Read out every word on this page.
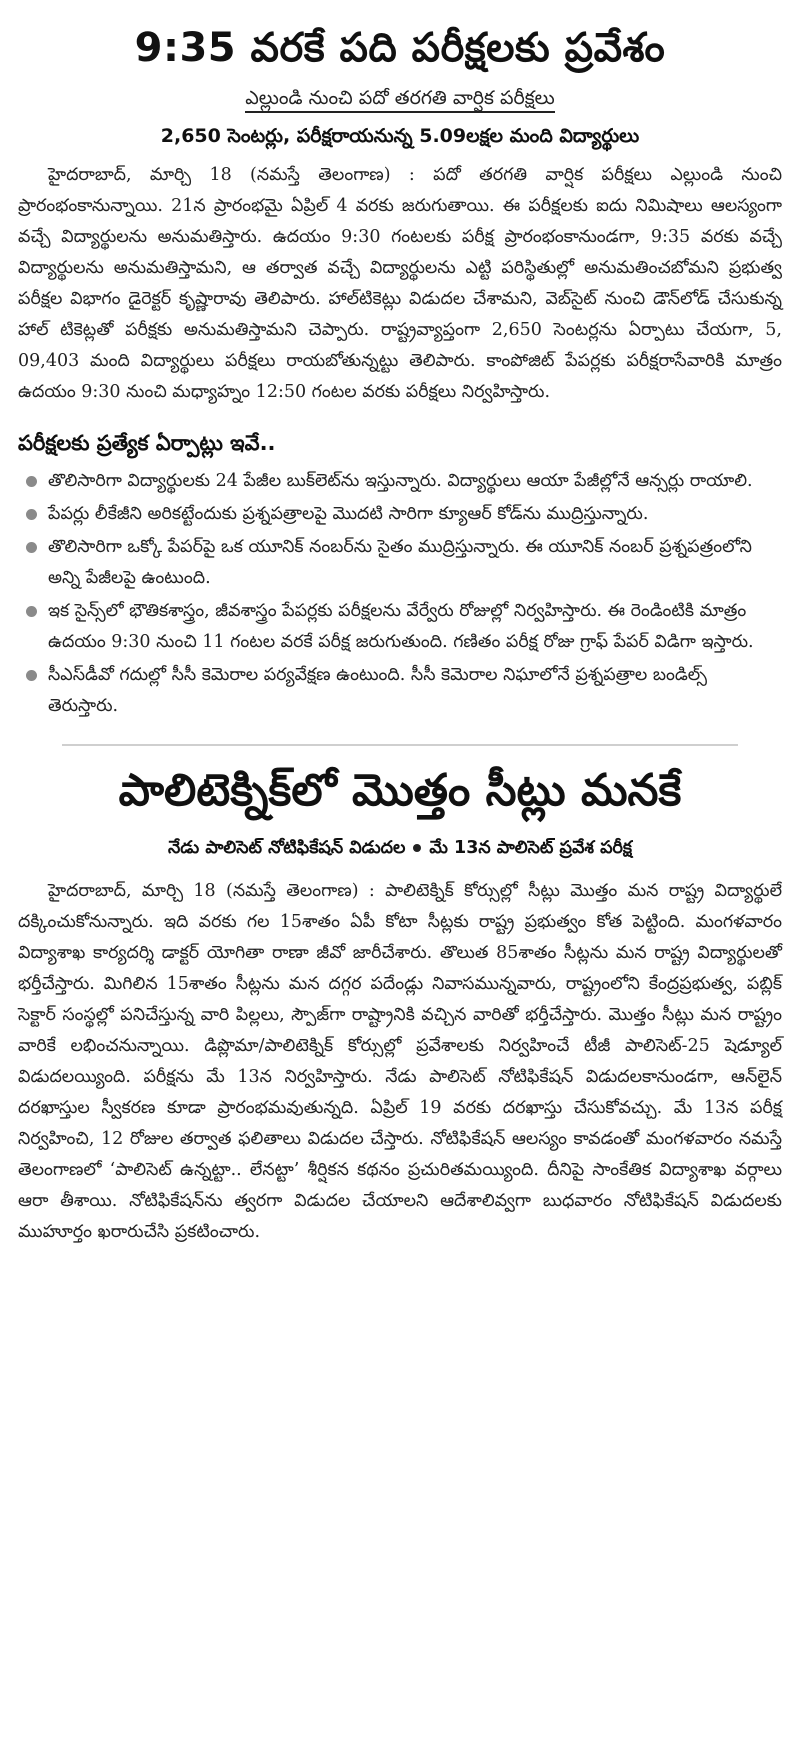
9:35 వరకే పది పరీక్షలకు ప్రవేశం
ఎల్లుండి నుంచి పదో తరగతి వార్షిక పరీక్షలు
2,650 సెంటర్లు, పరీక్షరాయనున్న 5.09లక్షల మంది విద్యార్థులు

హైదరాబాద్, మార్చి 18 (నమస్తే తెలంగాణ) : పదో తరగతి వార్షిక పరీక్షలు ఎల్లుండి నుంచి ప్రారంభంకానున్నాయి. 21న ప్రారంభమై ఏప్రిల్ 4 వరకు జరుగుతాయి. ఈ పరీక్షలకు ఐదు నిమిషాలు ఆలస్యంగా వచ్చే విద్యార్థులను అనుమతిస్తారు. ఉదయం 9:30 గంటలకు పరీక్ష ప్రారంభంకానుండగా, 9:35 వరకు వచ్చే విద్యార్థులను అనుమతిస్తామని, ఆ తర్వాత వచ్చే విద్యార్థులను ఎట్టి పరిస్థితుల్లో అనుమతించబోమని ప్రభుత్వ పరీక్షల విభాగం డైరెక్టర్ కృష్ణారావు తెలిపారు. హాల్‌టికెట్లు విడుదల చేశామని, వెబ్‌సైట్ నుంచి డౌన్‌లోడ్ చేసుకున్న హాల్ టికెట్లతో పరీక్షకు అనుమతిస్తామని చెప్పారు. రాష్ట్రవ్యాప్తంగా 2,650 సెంటర్లను ఏర్పాటు చేయగా, 5, 09,403 మంది విద్యార్థులు పరీక్షలు రాయబోతున్నట్టు తెలిపారు. కాంపోజిట్ పేపర్లకు పరీక్షరాసేవారికి మాత్రం ఉదయం 9:30 నుంచి మధ్యాహ్నం 12:50 గంటల వరకు పరీక్షలు నిర్వహిస్తారు.

పరీక్షలకు ప్రత్యేక ఏర్పాట్లు ఇవే..
తొలిసారిగా విద్యార్థులకు 24 పేజీల బుక్‌లెట్‌ను ఇస్తున్నారు. విద్యార్థులు ఆయా పేజీల్లోనే ఆన్సర్లు రాయాలి.
పేపర్లు లీకేజీని అరికట్టేందుకు ప్రశ్నపత్రాలపై మొదటి సారిగా క్యూఆర్ కోడ్‌ను ముద్రిస్తున్నారు.
తొలిసారిగా ఒక్కో పేపర్‌పై ఒక యూనిక్ నంబర్‌ను సైతం ముద్రిస్తున్నారు. ఈ యూనిక్ నంబర్ ప్రశ్నపత్రంలోని అన్ని పేజీలపై ఉంటుంది.
ఇక సైన్స్‌లో భౌతికశాస్త్రం, జీవశాస్త్రం పేపర్లకు పరీక్షలను వేర్వేరు రోజుల్లో నిర్వహిస్తారు. ఈ రెండింటికి మాత్రం ఉదయం 9:30 నుంచి 11 గంటల వరకే పరీక్ష జరుగుతుంది. గణితం పరీక్ష రోజు గ్రాఫ్ పేపర్ విడిగా ఇస్తారు.
సీఎస్‌డీవో గదుల్లో సీసీ కెమెరాల పర్యవేక్షణ ఉంటుంది. సీసీ కెమెరాల నిఘాలోనే ప్రశ్నపత్రాల బండిల్స్ తెరుస్తారు.
పాలిటెక్నిక్‌లో మొత్తం సీట్లు మనకే
నేడు పాలిసెట్ నోటిఫికేషన్ విడుదల మే 13న పాలిసెట్ ప్రవేశ పరీక్ష

హైదరాబాద్, మార్చి 18 (నమస్తే తెలంగాణ) : పాలిటెక్నిక్ కోర్సుల్లో సీట్లు మొత్తం మన రాష్ట్ర విద్యార్థులే దక్కించుకోనున్నారు. ఇది వరకు గల 15శాతం ఏపీ కోటా సీట్లకు రాష్ట్ర ప్రభుత్వం కోత పెట్టింది. మంగళవారం విద్యాశాఖ కార్యదర్శి డాక్టర్ యోగితా రాణా జీవో జారీచేశారు. తొలుత 85శాతం సీట్లను మన రాష్ట్ర విద్యార్థులతో భర్తీచేస్తారు. మిగిలిన 15శాతం సీట్లను మన దగ్గర పదేండ్లు నివాసమున్నవారు, రాష్ట్రంలోని కేంద్రప్రభుత్వ, పబ్లిక్ సెక్టార్ సంస్థల్లో పనిచేస్తున్న వారి పిల్లలు, స్పౌజ్‌గా రాష్ట్రానికి వచ్చిన వారితో భర్తీచేస్తారు. మొత్తం సీట్లు మన రాష్ట్రం వారికే లభించనున్నాయి. డిప్లొమా/పాలిటెక్నిక్ కోర్సుల్లో ప్రవేశాలకు నిర్వహించే టీజీ పాలిసెట్-25 షెడ్యూల్ విడుదలయ్యింది. పరీక్షను మే 13న నిర్వహిస్తారు. నేడు పాలిసెట్ నోటిఫికేషన్ విడుదలకానుండగా, ఆన్‌లైన్ దరఖాస్తుల స్వీకరణ కూడా ప్రారంభమవుతున్నది. ఏప్రిల్ 19 వరకు దరఖాస్తు చేసుకోవచ్చు. మే 13న పరీక్ష నిర్వహించి, 12 రోజుల తర్వాత ఫలితాలు విడుదల చేస్తారు. నోటిఫికేషన్ ఆలస్యం కావడంతో మంగళవారం నమస్తే తెలంగాణలో ‘పాలిసెట్ ఉన్నట్టా.. లేనట్టా’ శీర్షికన కథనం ప్రచురితమయ్యింది. దీనిపై సాంకేతిక విద్యాశాఖ వర్గాలు ఆరా తీశాయి. నోటిఫికేషన్‌ను త్వరగా విడుదల చేయాలని ఆదేశాలివ్వగా బుధవారం నోటిఫికేషన్ విడుదలకు ముహూర్తం ఖరారుచేసి ప్రకటించారు.
